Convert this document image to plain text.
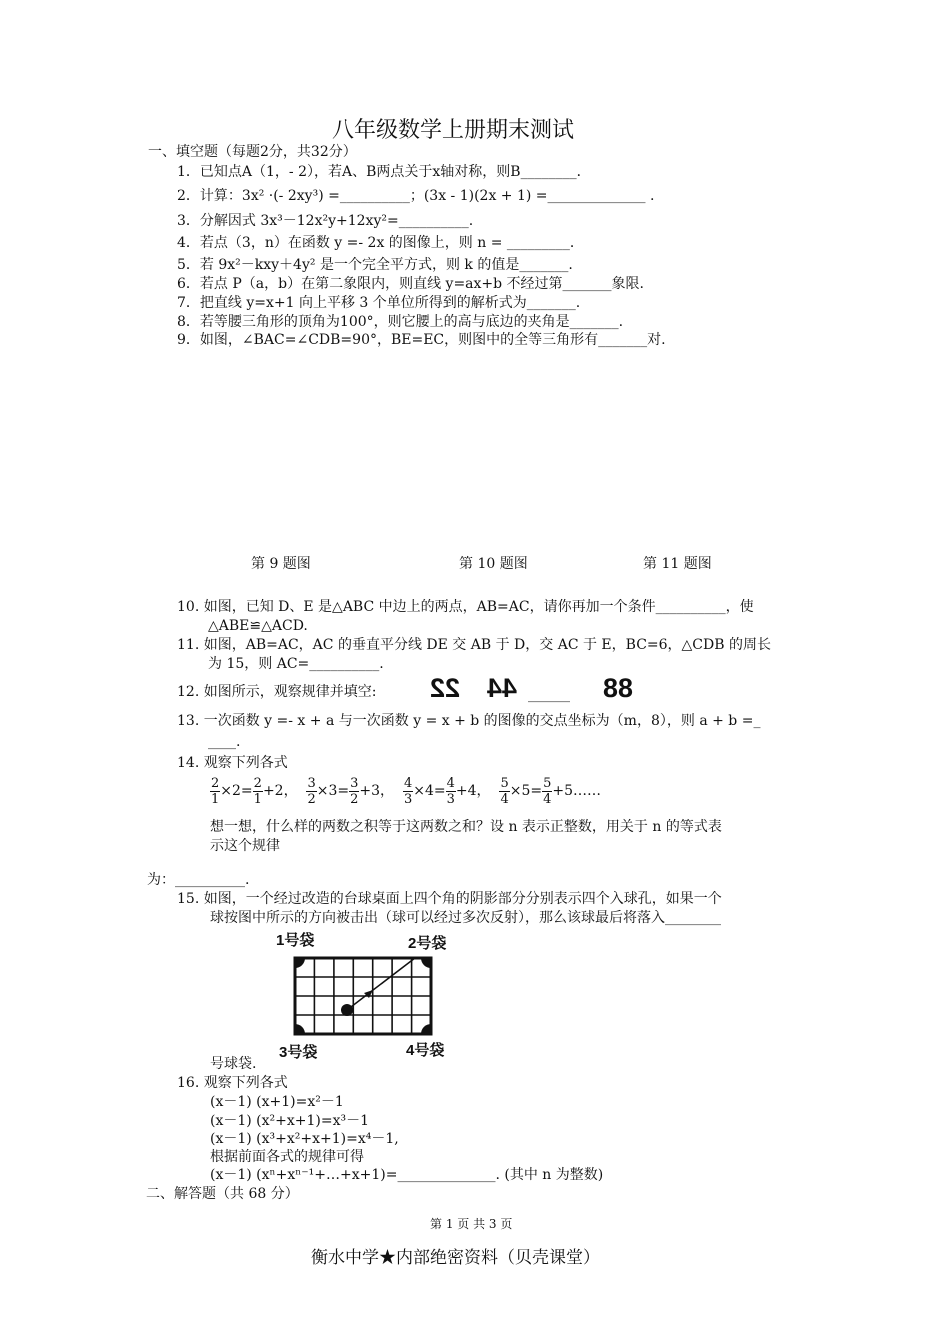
八年级数学上册期末测试
一、填空题（每题2分，共32分）
1．已知点A（1，- 2），若A、B两点关于x轴对称，则B________．
2．计算：3x² ·(- 2xy³) =__________；(3x - 1)(2x + 1) =______________ .
3．分解因式 3x³－12x²y+12xy²=__________.
4．若点（3，n）在函数 y =- 2x 的图像上，则 n = _________．
5．若 9x²－kxy＋4y² 是一个完全平方式，则 k 的值是_______.
6．若点 P（a，b）在第二象限内，则直线 y=ax+b 不经过第_______象限.
7．把直线 y=x+1 向上平移 3 个单位所得到的解析式为_______.
8．若等腰三角形的顶角为100°，则它腰上的高与底边的夹角是_______.
9．如图，∠BAC=∠CDB=90°，BE=EC，则图中的全等三角形有_______对.
第 9 题图	第 10 题图	第 11 题图
10. 如图，已知 D、E 是△ABC 中边上的两点，AB=AC，请你再加一个条件__________，使
△ABE≌△ACD.
11. 如图，AB=AC，AC 的垂直平分线 DE 交 AB 于 D，交 AC 于 E，BC=6，△CDB 的周长
为 15，则 AC=__________.
12. 如图所示，观察规律并填空: 22 44 ______ 88
13. 一次函数 y =- x + a 与一次函数 y = x + b 的图像的交点坐标为（m，8），则 a + b =_
____.
14. 观察下列各式
$\frac{2}{1} \times 2= \frac{2}{1} +2$， $\frac{3}{2} \times 3= \frac{3}{2} +3$， $\frac{4}{3} \times 4= \frac{4}{3} +4$， $\frac{5}{4} \times 5= \frac{5}{4}$ +5……
想一想，什么样的两数之积等于这两数之和？设 n 表示正整数，用关于 n 的等式表
示这个规律
为：__________.
15. 如图，一个经过改造的台球桌面上四个角的阴影部分分别表示四个入球孔，如果一个
球按图中所示的方向被击出（球可以经过多次反射），那么该球最后将落入________
1号袋	2号袋
3号袋	4号袋
号球袋.
16. 观察下列各式
(x－1) (x+1)=x²－1
(x－1) (x²+x+1)=x³－1
(x－1) (x³+x²+x+1)=x⁴－1,
根据前面各式的规律可得
(x－1) (xⁿ+xⁿ⁻¹+…+x+1)=______________. (其中 n 为整数)
二、解答题（共 68 分）
第 1 页 共 3 页
衡水中学★内部绝密资料（贝壳课堂）
